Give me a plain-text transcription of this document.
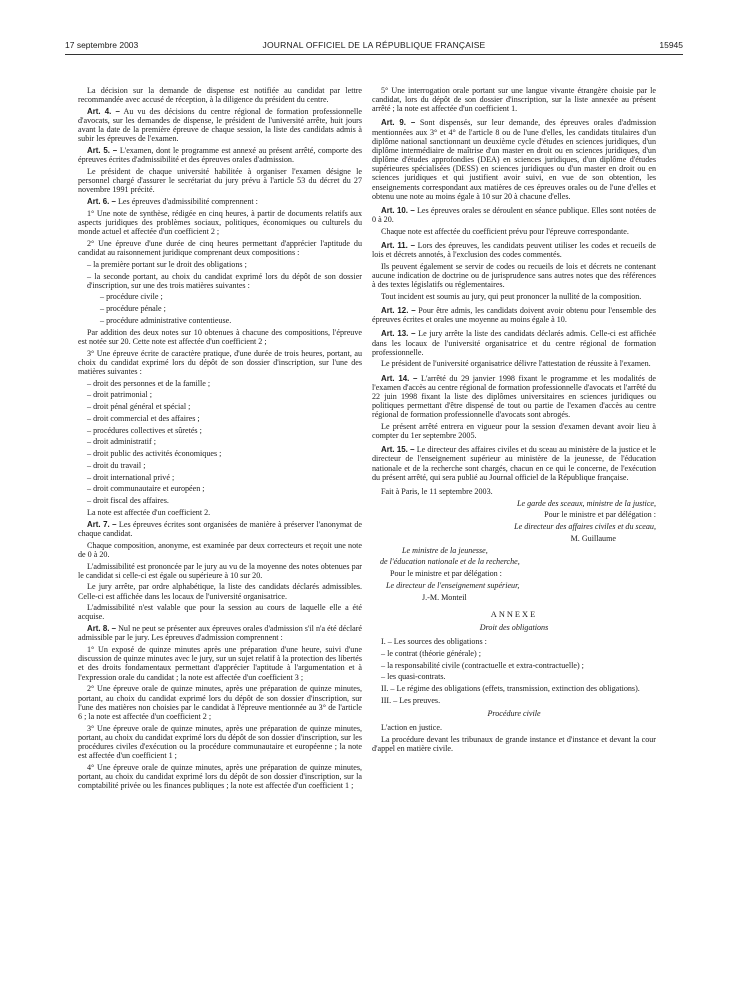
17 septembre 2003	JOURNAL OFFICIEL DE LA RÉPUBLIQUE FRANÇAISE	15945

La décision sur la demande de dispense est notifiée au candidat par lettre recommandée avec accusé de réception, à la diligence du président du centre.

Art. 4. – Au vu des décisions du centre régional de formation professionnelle d'avocats, sur les demandes de dispense, le président de l'université arrête, huit jours avant la date de la première épreuve de chaque session, la liste des candidats admis à subir les épreuves de l'examen.

Art. 5. – L'examen, dont le programme est annexé au présent arrêté, comporte des épreuves écrites d'admissibilité et des épreuves orales d'admission.

Le président de chaque université habilitée à organiser l'examen désigne le personnel chargé d'assurer le secrétariat du jury prévu à l'article 53 du décret du 27 novembre 1991 précité.

Art. 6. – Les épreuves d'admissibilité comprennent :

1° Une note de synthèse, rédigée en cinq heures, à partir de documents relatifs aux aspects juridiques des problèmes sociaux, politiques, économiques ou culturels du monde actuel et affectée d'un coefficient 2 ;

2° Une épreuve d'une durée de cinq heures permettant d'apprécier l'aptitude du candidat au raisonnement juridique comprenant deux compositions :

– la première portant sur le droit des obligations ;

– la seconde portant, au choix du candidat exprimé lors du dépôt de son dossier d'inscription, sur une des trois matières suivantes :

– procédure civile ;

– procédure pénale ;

– procédure administrative contentieuse.

Par addition des deux notes sur 10 obtenues à chacune des compositions, l'épreuve est notée sur 20. Cette note est affectée d'un coefficient 2 ;

3° Une épreuve écrite de caractère pratique, d'une durée de trois heures, portant, au choix du candidat exprimé lors du dépôt de son dossier d'inscription, sur l'une des matières suivantes :

– droit des personnes et de la famille ;

– droit patrimonial ;

– droit pénal général et spécial ;

– droit commercial et des affaires ;

– procédures collectives et sûretés ;

– droit administratif ;

– droit public des activités économiques ;

– droit du travail ;

– droit international privé ;

– droit communautaire et européen ;

– droit fiscal des affaires.

La note est affectée d'un coefficient 2.

Art. 7. – Les épreuves écrites sont organisées de manière à préserver l'anonymat de chaque candidat.

Chaque composition, anonyme, est examinée par deux correcteurs et reçoit une note de 0 à 20.

L'admissibilité est prononcée par le jury au vu de la moyenne des notes obtenues par le candidat si celle-ci est égale ou supérieure à 10 sur 20.

Le jury arrête, par ordre alphabétique, la liste des candidats déclarés admissibles. Celle-ci est affichée dans les locaux de l'université organisatrice.

L'admissibilité n'est valable que pour la session au cours de laquelle elle a été acquise.

Art. 8. – Nul ne peut se présenter aux épreuves orales d'admission s'il n'a été déclaré admissible par le jury. Les épreuves d'admission comprennent :

1° Un exposé de quinze minutes après une préparation d'une heure, suivi d'une discussion de quinze minutes avec le jury, sur un sujet relatif à la protection des libertés et des droits fondamentaux permettant d'apprécier l'aptitude à l'argumentation et à l'expression orale du candidat ; la note est affectée d'un coefficient 3 ;

2° Une épreuve orale de quinze minutes, après une préparation de quinze minutes, portant, au choix du candidat exprimé lors du dépôt de son dossier d'inscription, sur l'une des matières non choisies par le candidat à l'épreuve mentionnée au 3° de l'article 6 ; la note est affectée d'un coefficient 2 ;

3° Une épreuve orale de quinze minutes, après une préparation de quinze minutes, portant, au choix du candidat exprimé lors du dépôt de son dossier d'inscription, sur les procédures civiles d'exécution ou la procédure communautaire et européenne ; la note est affectée d'un coefficient 1 ;

4° Une épreuve orale de quinze minutes, après une préparation de quinze minutes, portant, au choix du candidat exprimé lors du dépôt de son dossier d'inscription, sur la comptabilité privée ou les finances publiques ; la note est affectée d'un coefficient 1 ;

5° Une interrogation orale portant sur une langue vivante étrangère choisie par le candidat, lors du dépôt de son dossier d'inscription, sur la liste annexée au présent arrêté ; la note est affectée d'un coefficient 1.

Art. 9. – Sont dispensés, sur leur demande, des épreuves orales d'admission mentionnées aux 3° et 4° de l'article 8 ou de l'une d'elles, les candidats titulaires d'un diplôme national sanctionnant un deuxième cycle d'études en sciences juridiques, d'un diplôme intermédiaire de maîtrise d'un master en droit ou en sciences juridiques, d'un diplôme d'études approfondies (DEA) en sciences juridiques, d'un diplôme d'études supérieures spécialisées (DESS) en sciences juridiques ou d'un master en droit ou en sciences juridiques et qui justifient avoir suivi, en vue de son obtention, les enseignements correspondant aux matières de ces épreuves orales ou de l'une d'elles et obtenu une note au moins égale à 10 sur 20 à chacune d'elles.

Art. 10. – Les épreuves orales se déroulent en séance publique. Elles sont notées de 0 à 20.

Chaque note est affectée du coefficient prévu pour l'épreuve correspondante.

Art. 11. – Lors des épreuves, les candidats peuvent utiliser les codes et recueils de lois et décrets annotés, à l'exclusion des codes commentés.

Ils peuvent également se servir de codes ou recueils de lois et décrets ne contenant aucune indication de doctrine ou de jurisprudence sans autres notes que des références à des textes législatifs ou réglementaires.

Tout incident est soumis au jury, qui peut prononcer la nullité de la composition.

Art. 12. – Pour être admis, les candidats doivent avoir obtenu pour l'ensemble des épreuves écrites et orales une moyenne au moins égale à 10.

Art. 13. – Le jury arrête la liste des candidats déclarés admis. Celle-ci est affichée dans les locaux de l'université organisatrice et du centre régional de formation professionnelle.

Le président de l'université organisatrice délivre l'attestation de réussite à l'examen.

Art. 14. – L'arrêté du 29 janvier 1998 fixant le programme et les modalités de l'examen d'accès au centre régional de formation professionnelle d'avocats et l'arrêté du 22 juin 1998 fixant la liste des diplômes universitaires en sciences juridiques ou politiques permettant d'être dispensé de tout ou partie de l'examen d'accès au centre régional de formation professionnelle d'avocats sont abrogés.

Le présent arrêté entrera en vigueur pour la session d'examen devant avoir lieu à compter du 1er septembre 2005.

Art. 15. – Le directeur des affaires civiles et du sceau au ministère de la justice et le directeur de l'enseignement supérieur au ministère de la jeunesse, de l'éducation nationale et de la recherche sont chargés, chacun en ce qui le concerne, de l'exécution du présent arrêté, qui sera publié au Journal officiel de la République française.

Fait à Paris, le 11 septembre 2003.

Le garde des sceaux, ministre de la justice,

Pour le ministre et par délégation :

Le directeur des affaires civiles et du sceau,

M. Guillaume

Le ministre de la jeunesse,

de l'éducation nationale et de la recherche,

Pour le ministre et par délégation :

Le directeur de l'enseignement supérieur,

J.-M. Monteil

ANNEXE

Droit des obligations

I. – Les sources des obligations :

– le contrat (théorie générale) ;

– la responsabilité civile (contractuelle et extra-contractuelle) ;

– les quasi-contrats.

II. – Le régime des obligations (effets, transmission, extinction des obligations).

III. – Les preuves.

Procédure civile

L'action en justice.

La procédure devant les tribunaux de grande instance et d'instance et devant la cour d'appel en matière civile.
